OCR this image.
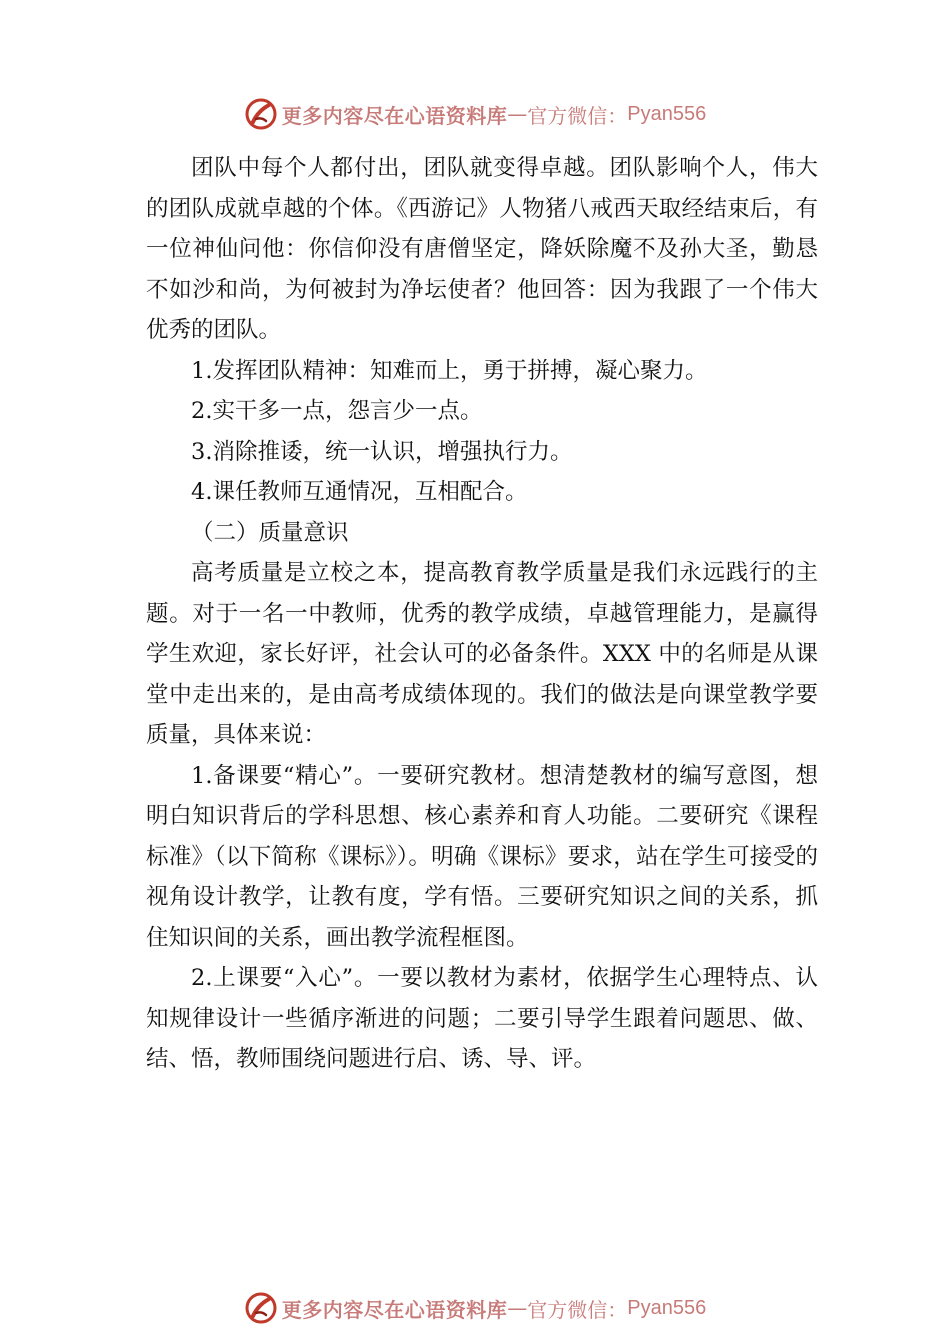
更多内容尽在心语资料库 — 官方微信： Pyan556

团队中每个人都付出，团队就变得卓越。团队影响个人，伟大的团队成就卓越的个体。《西游记》人物猪八戒西天取经结束后，有一位神仙问他：你信仰没有唐僧坚定，降妖除魔不及孙大圣，勤恳不如沙和尚，为何被封为净坛使者？他回答：因为我跟了一个伟大优秀的团队。

1.发挥团队精神：知难而上，勇于拼搏，凝心聚力。

2.实干多一点，怨言少一点。

3.消除推诿，统一认识，增强执行力。

4.课任教师互通情况，互相配合。

（二）质量意识

高考质量是立校之本，提高教育教学质量是我们永远践行的主题。对于一名一中教师，优秀的教学成绩，卓越管理能力，是赢得学生欢迎，家长好评，社会认可的必备条件。XXX 中的名师是从课堂中走出来的，是由高考成绩体现的。我们的做法是向课堂教学要质量，具体来说：

1.备课要“精心”。一要研究教材。想清楚教材的编写意图，想明白知识背后的学科思想、核心素养和育人功能。二要研究《课程标准》（以下简称《课标》）。明确《课标》要求，站在学生可接受的视角设计教学，让教有度，学有悟。三要研究知识之间的关系，抓住知识间的关系，画出教学流程框图。

2.上课要“入心”。一要以教材为素材，依据学生心理特点、认知规律设计一些循序渐进的问题；二要引导学生跟着问题思、做、结、悟，教师围绕问题进行启、诱、导、评。

更多内容尽在心语资料库 — 官方微信： Pyan556
